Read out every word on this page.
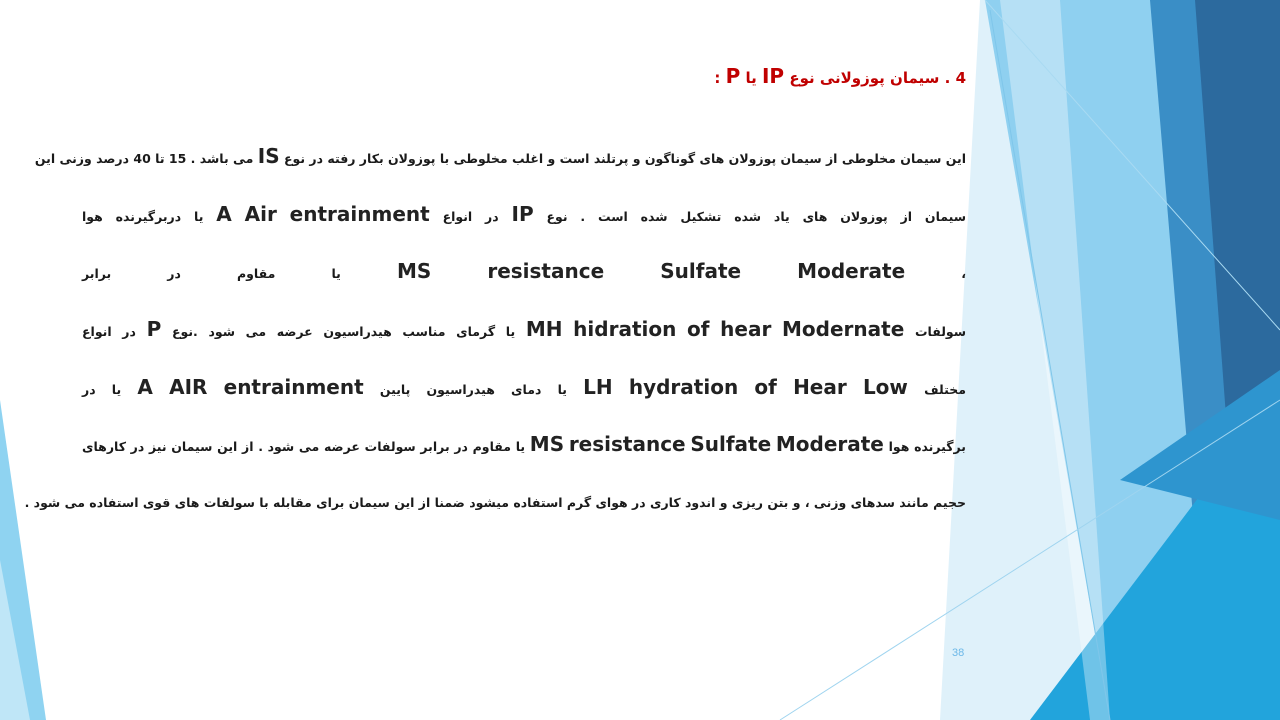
4 . سیمان پوزولانی نوع IP یا P :
این سیمان مخلوطی از سیمان پوزولان های گوناگون و پرتلند است و اغلب مخلوطی با پوزولان بکار رفته در نوع IS می باشد . 15 تا 40 درصد وزنی این
سیمان از پوزولان های یاد شده تشکیل شده است . نوع IP در انواع A Air entrainment یا دربرگیرنده هوا
، MS	resistance	Sulfate	Moderate یا مقاوم در برابر
سولفات MH hidration of hear Modernate یا گرمای مناسب هیدراسیون عرضه می شود .نوع P در انواع
مختلف LH hydration of Hear Low یا دمای هیدراسیون پایین A AIR entrainment یا در
برگیرنده هوا MS resistance Sulfate Moderate یا مقاوم در برابر سولفات عرضه می شود . از این سیمان نیز در کارهای
حجیم مانند سدهای وزنی ، و بتن ریزی و اندود کاری در هوای گرم استفاده میشود ضمنا از این سیمان برای مقابله با سولفات های قوی استفاده می شود .
38
